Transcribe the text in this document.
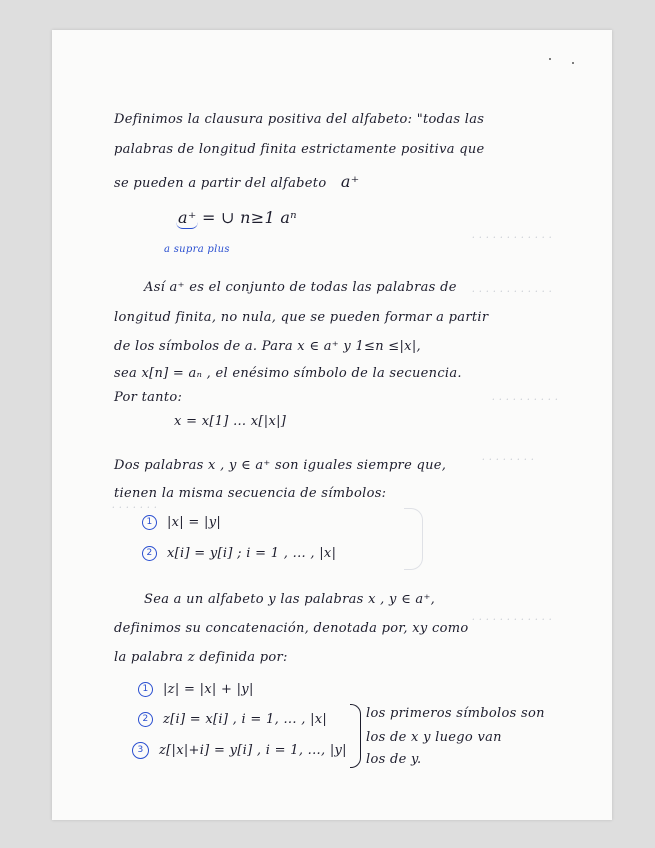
. . . . . . . . . . . .
. . . . . . . . . . . .
. . . . . . . . . .
. . . . . . . .
. . . . . . .
. . . . . . . . . . . .
Definimos la clausura positiva del alfabeto: "todas las
palabras de longitud finita estrictamente positiva que
se pueden a partir del alfabeto a⁺
a⁺ = ∪ n≥1 aⁿ
a supra plus
Así a⁺ es el conjunto de todas las palabras de
longitud finita, no nula, que se pueden formar a partir
de los símbolos de a. Para x ∈ a⁺ y 1≤n ≤|x|,
sea x[n] = aₙ , el enésimo símbolo de la secuencia.
Por tanto:
x = x[1] ... x[|x|]
Dos palabras x , y ∈ a⁺ son iguales siempre que,
tienen la misma secuencia de símbolos:
1 |x| = |y|
2 x[i] = y[i] ; i = 1 , ... , |x|
Sea a un alfabeto y las palabras x , y ∈ a⁺,
definimos su concatenación, denotada por, xy como
la palabra z definida por:
1 |z| = |x| + |y|
2 z[i] = x[i] , i = 1, ... , |x|
3 z[|x|+i] = y[i] , i = 1, ..., |y|
los primeros símbolos son
los de x y luego van
los de y.
